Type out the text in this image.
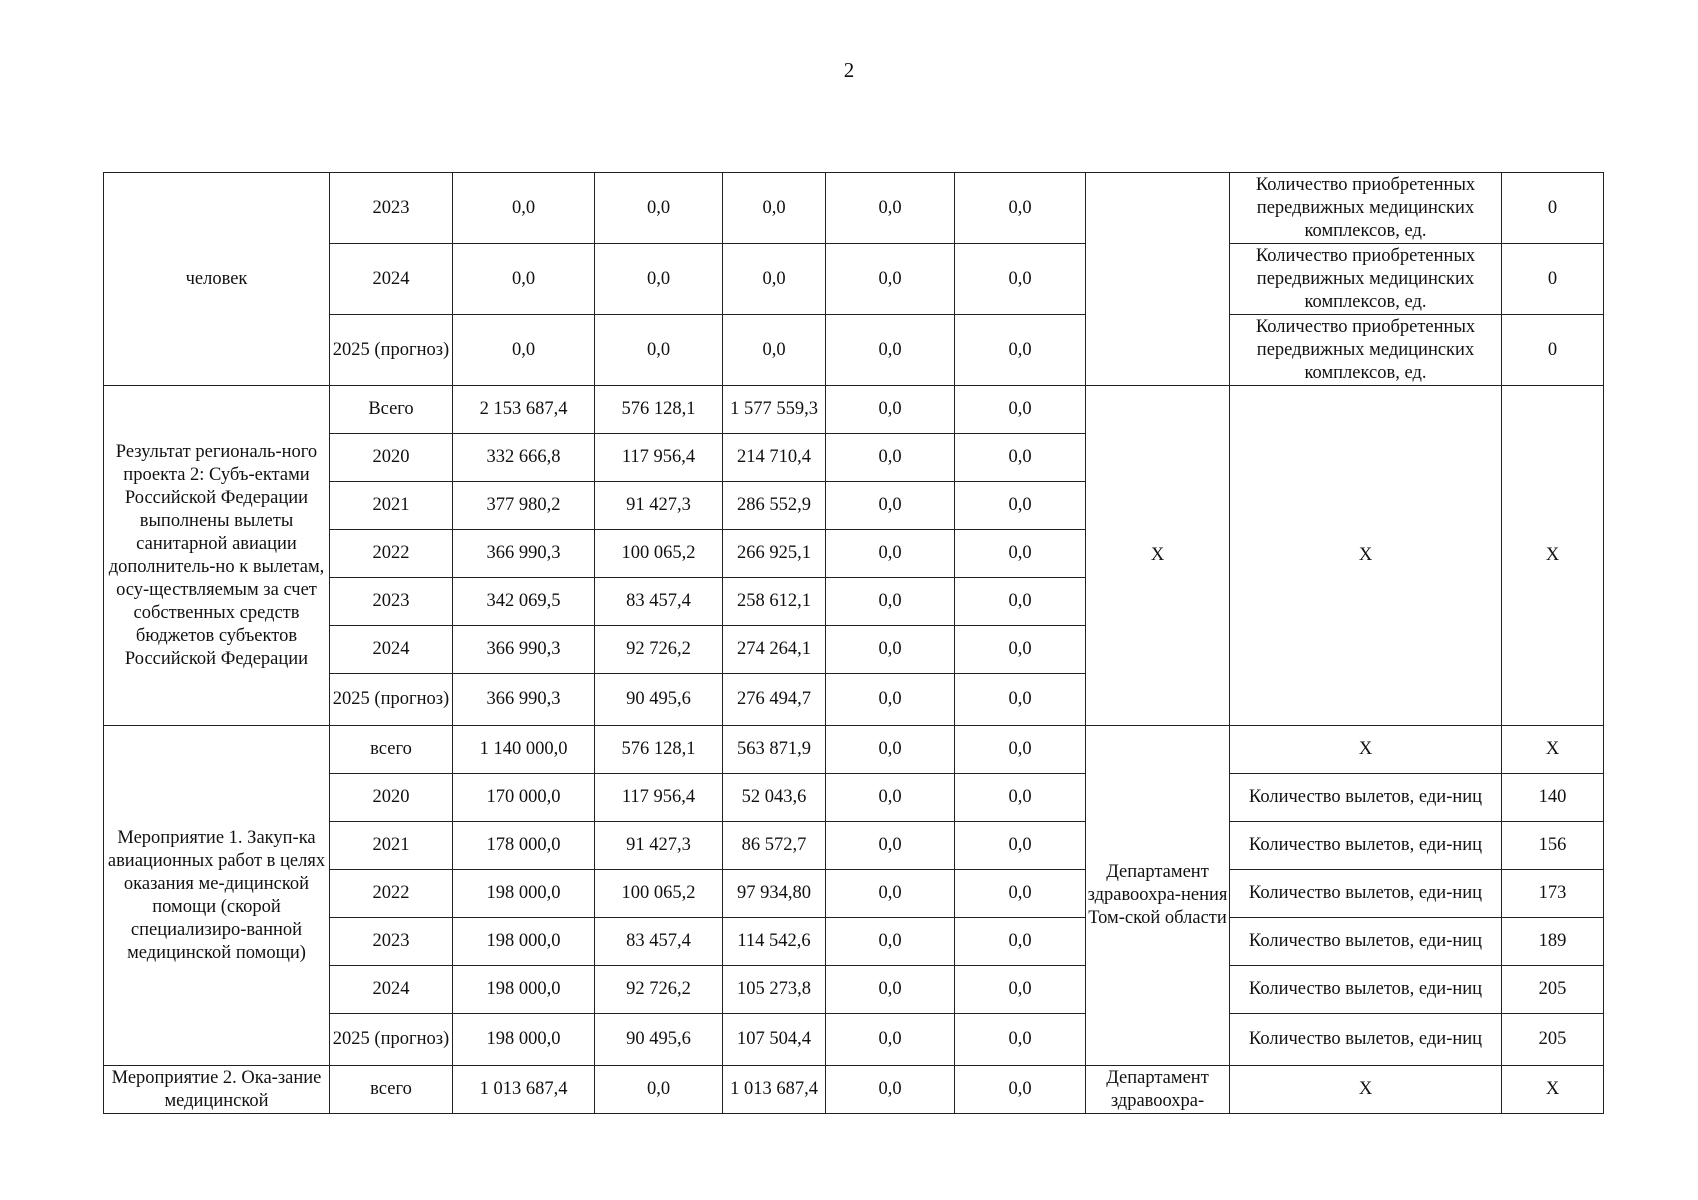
2
человек	2023	0,0	0,0	0,0	0,0	0,0		Количество приобретенных передвижных медицинских комплексов, ед.	0
	2024	0,0	0,0	0,0	0,0	0,0		Количество приобретенных передвижных медицинских комплексов, ед.	0
	2025 (прогноз)	0,0	0,0	0,0	0,0	0,0		Количество приобретенных передвижных медицинских комплексов, ед.	0
Результат региональ-ного проекта 2: Субъ-ектами Российской Федерации выполнены вылеты санитарной авиации дополнитель-но к вылетам, осу-ществляемым за счет собственных средств бюджетов субъектов Российской Федерации	Всего	2 153 687,4	576 128,1	1 577 559,3	0,0	0,0	X	X	X
	2020	332 666,8	117 956,4	214 710,4	0,0	0,0			
	2021	377 980,2	91 427,3	286 552,9	0,0	0,0			
	2022	366 990,3	100 065,2	266 925,1	0,0	0,0			
	2023	342 069,5	83 457,4	258 612,1	0,0	0,0			
	2024	366 990,3	92 726,2	274 264,1	0,0	0,0			
	2025 (прогноз)	366 990,3	90 495,6	276 494,7	0,0	0,0			
Мероприятие 1. Закуп-ка авиационных работ в целях оказания ме-дицинской помощи (скорой специализиро-ванной медицинской помощи)	всего	1 140 000,0	576 128,1	563 871,9	0,0	0,0	Департамент здравоохра-нения Том-ской области	X	X
	2020	170 000,0	117 956,4	52 043,6	0,0	0,0		Количество вылетов, еди-ниц	140
	2021	178 000,0	91 427,3	86 572,7	0,0	0,0		Количество вылетов, еди-ниц	156
	2022	198 000,0	100 065,2	97 934,80	0,0	0,0		Количество вылетов, еди-ниц	173
	2023	198 000,0	83 457,4	114 542,6	0,0	0,0		Количество вылетов, еди-ниц	189
	2024	198 000,0	92 726,2	105 273,8	0,0	0,0		Количество вылетов, еди-ниц	205
	2025 (прогноз)	198 000,0	90 495,6	107 504,4	0,0	0,0		Количество вылетов, еди-ниц	205
Мероприятие 2. Ока-зание медицинской	всего	1 013 687,4	0,0	1 013 687,4	0,0	0,0	Департамент здравоохра-	X	X
